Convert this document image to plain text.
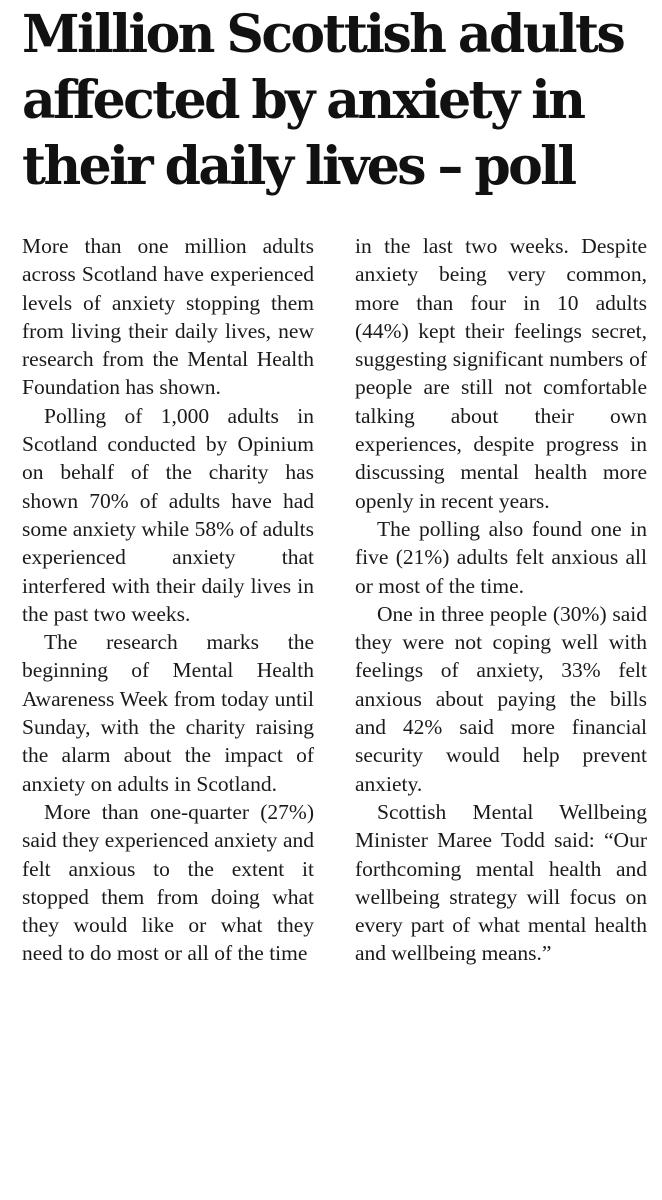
Million Scottish adults affected by anxiety in their daily lives – poll

More than one million adults across Scotland have experienced levels of anxiety stopping them from living their daily lives, new research from the Mental Health Foundation has shown.

Polling of 1,000 adults in Scotland conducted by Opinium on behalf of the charity has shown 70% of adults have had some anxiety while 58% of adults experienced anxiety that interfered with their daily lives in the past two weeks.

The research marks the beginning of Mental Health Awareness Week from today until Sunday, with the charity raising the alarm about the impact of anxiety on adults in Scotland.

More than one-quarter (27%) said they experienced anxiety and felt anxious to the extent it stopped them from doing what they would like or what they need to do most or all of the time

in the last two weeks. Despite anxiety being very common, more than four in 10 adults (44%) kept their feelings secret, suggesting significant numbers of people are still not comfortable talking about their own experiences, despite progress in discussing mental health more openly in recent years.

The polling also found one in five (21%) adults felt anxious all or most of the time.

One in three people (30%) said they were not coping well with feelings of anxiety, 33% felt anxious about paying the bills and 42% said more financial security would help prevent anxiety.

Scottish Mental Wellbeing Minister Maree Todd said: “Our forthcoming mental health and wellbeing strategy will focus on every part of what mental health and wellbeing means.”
